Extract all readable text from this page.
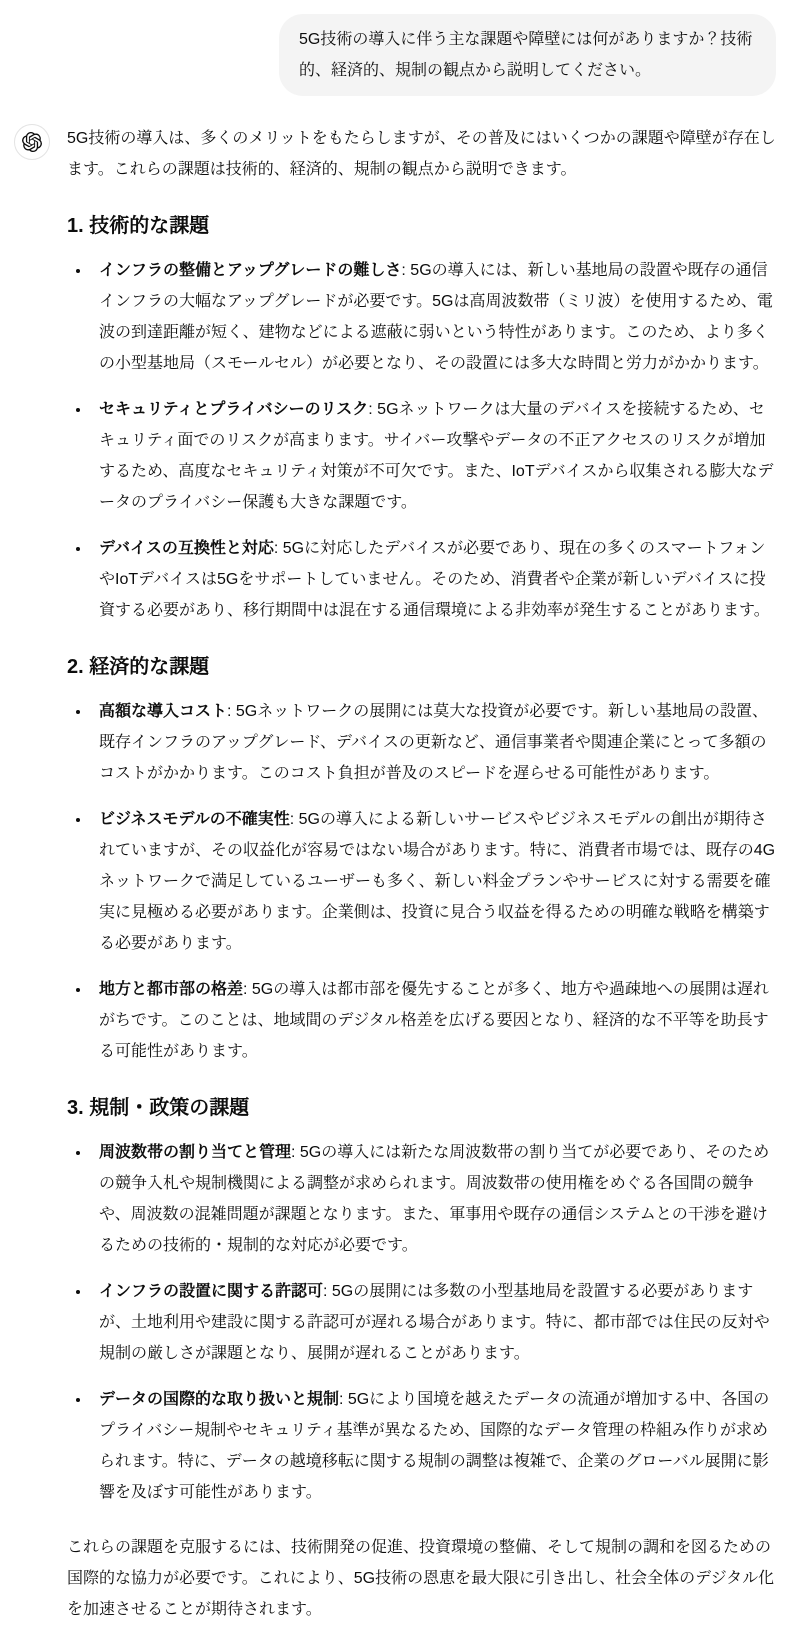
5G技術の導入に伴う主な課題や障壁には何がありますか？技術的、経済的、規制の観点から説明してください。

5G技術の導入は、多くのメリットをもたらしますが、その普及にはいくつかの課題や障壁が存在します。これらの課題は技術的、経済的、規制の観点から説明できます。

1. 技術的な課題
• インフラの整備とアップグレードの難しさ: 5Gの導入には、新しい基地局の設置や既存の通信インフラの大幅なアップグレードが必要です。5Gは高周波数帯（ミリ波）を使用するため、電波の到達距離が短く、建物などによる遮蔽に弱いという特性があります。このため、より多くの小型基地局（スモールセル）が必要となり、その設置には多大な時間と労力がかかります。
• セキュリティとプライバシーのリスク: 5Gネットワークは大量のデバイスを接続するため、セキュリティ面でのリスクが高まります。サイバー攻撃やデータの不正アクセスのリスクが増加するため、高度なセキュリティ対策が不可欠です。また、IoTデバイスから収集される膨大なデータのプライバシー保護も大きな課題です。
• デバイスの互換性と対応: 5Gに対応したデバイスが必要であり、現在の多くのスマートフォンやIoTデバイスは5Gをサポートしていません。そのため、消費者や企業が新しいデバイスに投資する必要があり、移行期間中は混在する通信環境による非効率が発生することがあります。
2. 経済的な課題
• 高額な導入コスト: 5Gネットワークの展開には莫大な投資が必要です。新しい基地局の設置、既存インフラのアップグレード、デバイスの更新など、通信事業者や関連企業にとって多額のコストがかかります。このコスト負担が普及のスピードを遅らせる可能性があります。
• ビジネスモデルの不確実性: 5Gの導入による新しいサービスやビジネスモデルの創出が期待されていますが、その収益化が容易ではない場合があります。特に、消費者市場では、既存の4Gネットワークで満足しているユーザーも多く、新しい料金プランやサービスに対する需要を確実に見極める必要があります。企業側は、投資に見合う収益を得るための明確な戦略を構築する必要があります。
• 地方と都市部の格差: 5Gの導入は都市部を優先することが多く、地方や過疎地への展開は遅れがちです。このことは、地域間のデジタル格差を広げる要因となり、経済的な不平等を助長する可能性があります。
3. 規制・政策の課題
• 周波数帯の割り当てと管理: 5Gの導入には新たな周波数帯の割り当てが必要であり、そのための競争入札や規制機関による調整が求められます。周波数帯の使用権をめぐる各国間の競争や、周波数の混雑問題が課題となります。また、軍事用や既存の通信システムとの干渉を避けるための技術的・規制的な対応が必要です。
• インフラの設置に関する許認可: 5Gの展開には多数の小型基地局を設置する必要がありますが、土地利用や建設に関する許認可が遅れる場合があります。特に、都市部では住民の反対や規制の厳しさが課題となり、展開が遅れることがあります。
• データの国際的な取り扱いと規制: 5Gにより国境を越えたデータの流通が増加する中、各国のプライバシー規制やセキュリティ基準が異なるため、国際的なデータ管理の枠組み作りが求められます。特に、データの越境移転に関する規制の調整は複雑で、企業のグローバル展開に影響を及ぼす可能性があります。

これらの課題を克服するには、技術開発の促進、投資環境の整備、そして規制の調和を図るための国際的な協力が必要です。これにより、5G技術の恩恵を最大限に引き出し、社会全体のデジタル化を加速させることが期待されます。
